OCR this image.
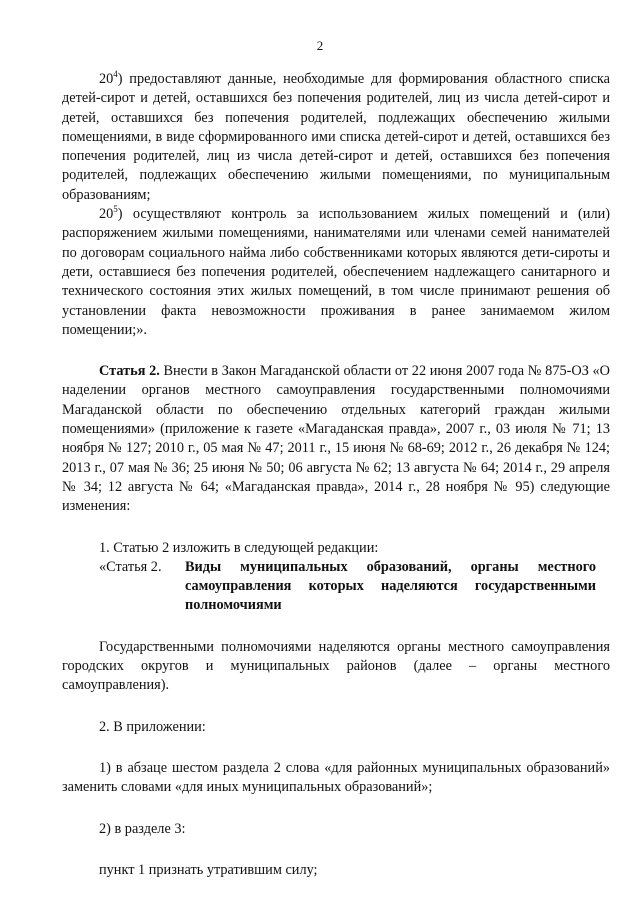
2

$20^4$) предоставляют данные, необходимые для формирования областного списка детей-сирот и детей, оставшихся без попечения родителей, лиц из числа детей-сирот и детей, оставшихся без попечения родителей, подлежащих обеспечению жилыми помещениями, в виде сформированного ими списка детей-сирот и детей, оставшихся без попечения родителей, лиц из числа детей-сирот и детей, оставшихся без попечения родителей, подлежащих обеспечению жилыми помещениями, по муниципальным образованиям;

$20^5$) осуществляют контроль за использованием жилых помещений и (или) распоряжением жилыми помещениями, нанимателями или членами семей нанимателей по договорам социального найма либо собственниками которых являются дети-сироты и дети, оставшиеся без попечения родителей, обеспечением надлежащего санитарного и технического состояния этих жилых помещений, в том числе принимают решения об установлении факта невозможности проживания в ранее занимаемом жилом помещении;».

Статья 2. Внести в Закон Магаданской области от 22 июня 2007 года № 875-ОЗ «О наделении органов местного самоуправления государственными полномочиями Магаданской области по обеспечению отдельных категорий граждан жилыми помещениями» (приложение к газете «Магаданская правда», 2007 г., 03 июля № 71; 13 ноября № 127; 2010 г., 05 мая № 47; 2011 г., 15 июня № 68-69; 2012 г., 26 декабря № 124; 2013 г., 07 мая № 36; 25 июня № 50; 06 августа № 62; 13 августа № 64; 2014 г., 29 апреля № 34; 12 августа № 64; «Магаданская правда», 2014 г., 28 ноября № 95) следующие изменения:

1. Статью 2 изложить в следующей редакции:

«Статья 2.	Виды муниципальных образований, органы местного самоуправления которых наделяются государственными полномочиями

Государственными полномочиями наделяются органы местного самоуправления городских округов и муниципальных районов (далее – органы местного самоуправления).

2. В приложении:

1) в абзаце шестом раздела 2 слова «для районных муниципальных образований» заменить словами «для иных муниципальных образований»;

2) в разделе 3:

пункт 1 признать утратившим силу;
